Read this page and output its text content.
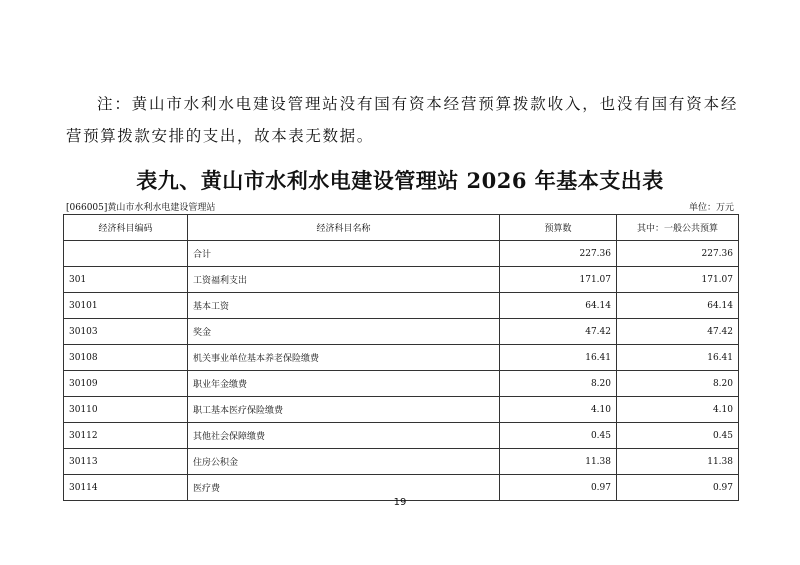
注：黄山市水利水电建设管理站没有国有资本经营预算拨款收入，也没有国有资本经营预算拨款安排的支出，故本表无数据。
表九、黄山市水利水电建设管理站 2026 年基本支出表
[066005]黄山市水利水电建设管理站	单位：万元
经济科目编码	经济科目名称	预算数	其中：一般公共预算
	合计	227.36	227.36
301	工资福利支出	171.07	171.07
30101	基本工资	64.14	64.14
30103	奖金	47.42	47.42
30108	机关事业单位基本养老保险缴费	16.41	16.41
30109	职业年金缴费	8.20	8.20
30110	职工基本医疗保险缴费	4.10	4.10
30112	其他社会保障缴费	0.45	0.45
30113	住房公积金	11.38	11.38
30114	医疗费	0.97	0.97
19
